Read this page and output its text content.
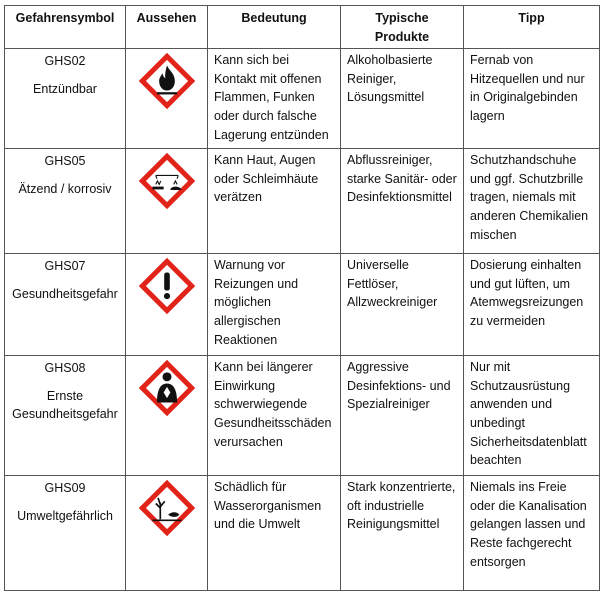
Gefahrensymbol	Aussehen	Bedeutung	Typische Produkte	Tipp

GHS02
Entzündbar		Kann sich bei Kontakt mit offenen Flammen, Funken oder durch falsche Lagerung entzünden	Alkoholbasierte Reiniger, Lösungsmittel	Fernab von Hitzequellen und nur in Originalgebinden lagern

GHS05
Ätzend / korrosiv		Kann Haut, Augen oder Schleimhäute verätzen	Abflussreiniger, starke Sanitär- oder Desinfektionsmittel	Schutzhandschuhe und ggf. Schutzbrille tragen, niemals mit anderen Chemikalien mischen

GHS07
Gesundheitsgefahr		Warnung vor Reizungen und möglichen allergischen Reaktionen	Universelle Fettlöser, Allzweckreiniger	Dosierung einhalten und gut lüften, um Atemwegsreizungen zu vermeiden

GHS08
Ernste Gesundheitsgefahr		Kann bei längerer Einwirkung schwerwiegende Gesundheitsschäden verursachen	Aggressive Desinfektions- und Spezialreiniger	Nur mit Schutzausrüstung anwenden und unbedingt Sicherheitsdatenblatt beachten

GHS09
Umweltgefährlich		Schädlich für Wasserorganismen und die Umwelt	Stark konzentrierte, oft industrielle Reinigungsmittel	Niemals ins Freie oder die Kanalisation gelangen lassen und Reste fachgerecht entsorgen
